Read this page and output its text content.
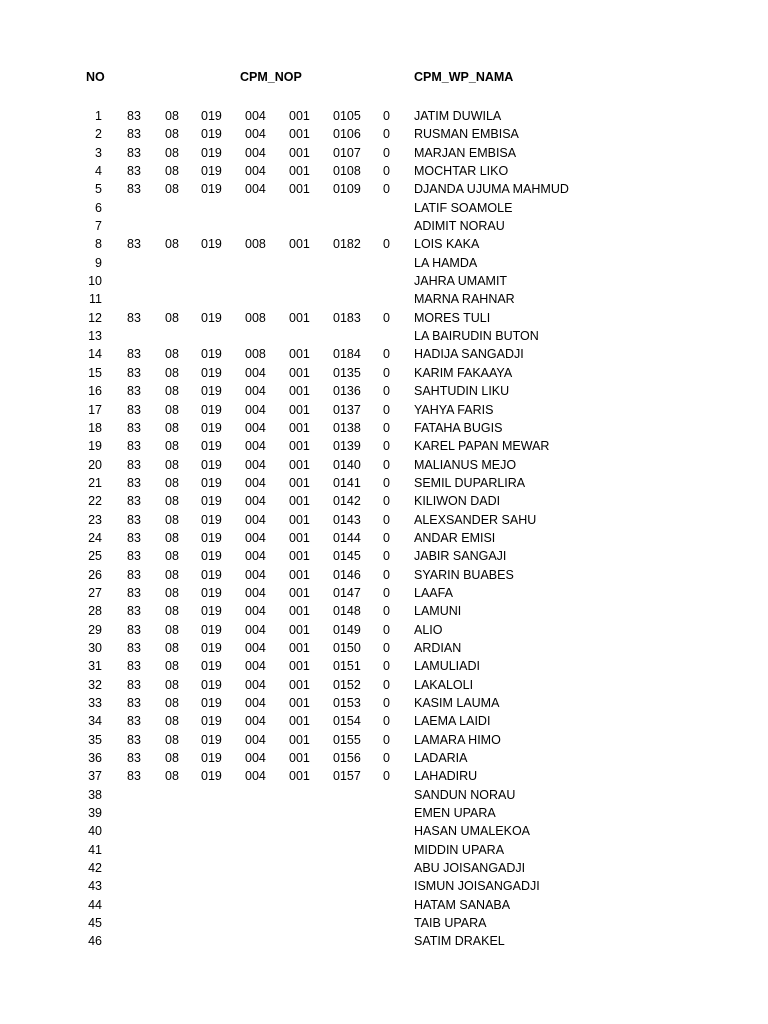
NO	CPM_NOP	CPM_WP_NAMA
1 83 08 019 004 001 0105 0 JATIM DUWILA
2 83 08 019 004 001 0106 0 RUSMAN EMBISA
3 83 08 019 004 001 0107 0 MARJAN EMBISA
4 83 08 019 004 001 0108 0 MOCHTAR LIKO
5 83 08 019 004 001 0109 0 DJANDA UJUMA MAHMUD
6	LATIF SOAMOLE
7	ADIMIT NORAU
8 83 08 019 008 001 0182 0 LOIS KAKA
9	LA HAMDA
10	JAHRA UMAMIT
11	MARNA RAHNAR
12 83 08 019 008 001 0183 0 MORES TULI
13	LA BAIRUDIN BUTON
14 83 08 019 008 001 0184 0 HADIJA SANGADJI
15 83 08 019 004 001 0135 0 KARIM FAKAAYA
16 83 08 019 004 001 0136 0 SAHTUDIN LIKU
17 83 08 019 004 001 0137 0 YAHYA FARIS
18 83 08 019 004 001 0138 0 FATAHA BUGIS
19 83 08 019 004 001 0139 0 KAREL PAPAN MEWAR
20 83 08 019 004 001 0140 0 MALIANUS MEJO
21 83 08 019 004 001 0141 0 SEMIL DUPARLIRA
22 83 08 019 004 001 0142 0 KILIWON DADI
23 83 08 019 004 001 0143 0 ALEXSANDER SAHU
24 83 08 019 004 001 0144 0 ANDAR EMISI
25 83 08 019 004 001 0145 0 JABIR SANGAJI
26 83 08 019 004 001 0146 0 SYARIN BUABES
27 83 08 019 004 001 0147 0 LAAFA
28 83 08 019 004 001 0148 0 LAMUNI
29 83 08 019 004 001 0149 0 ALIO
30 83 08 019 004 001 0150 0 ARDIAN
31 83 08 019 004 001 0151 0 LAMULIADI
32 83 08 019 004 001 0152 0 LAKALOLI
33 83 08 019 004 001 0153 0 KASIM LAUMA
34 83 08 019 004 001 0154 0 LAEMA LAIDI
35 83 08 019 004 001 0155 0 LAMARA HIMO
36 83 08 019 004 001 0156 0 LADARIA
37 83 08 019 004 001 0157 0 LAHADIRU
38	SANDUN NORAU
39	EMEN UPARA
40	HASAN UMALEKOA
41	MIDDIN UPARA
42	ABU JOISANGADJI
43	ISMUN JOISANGADJI
44	HATAM SANABA
45	TAIB UPARA
46	SATIM DRAKEL
